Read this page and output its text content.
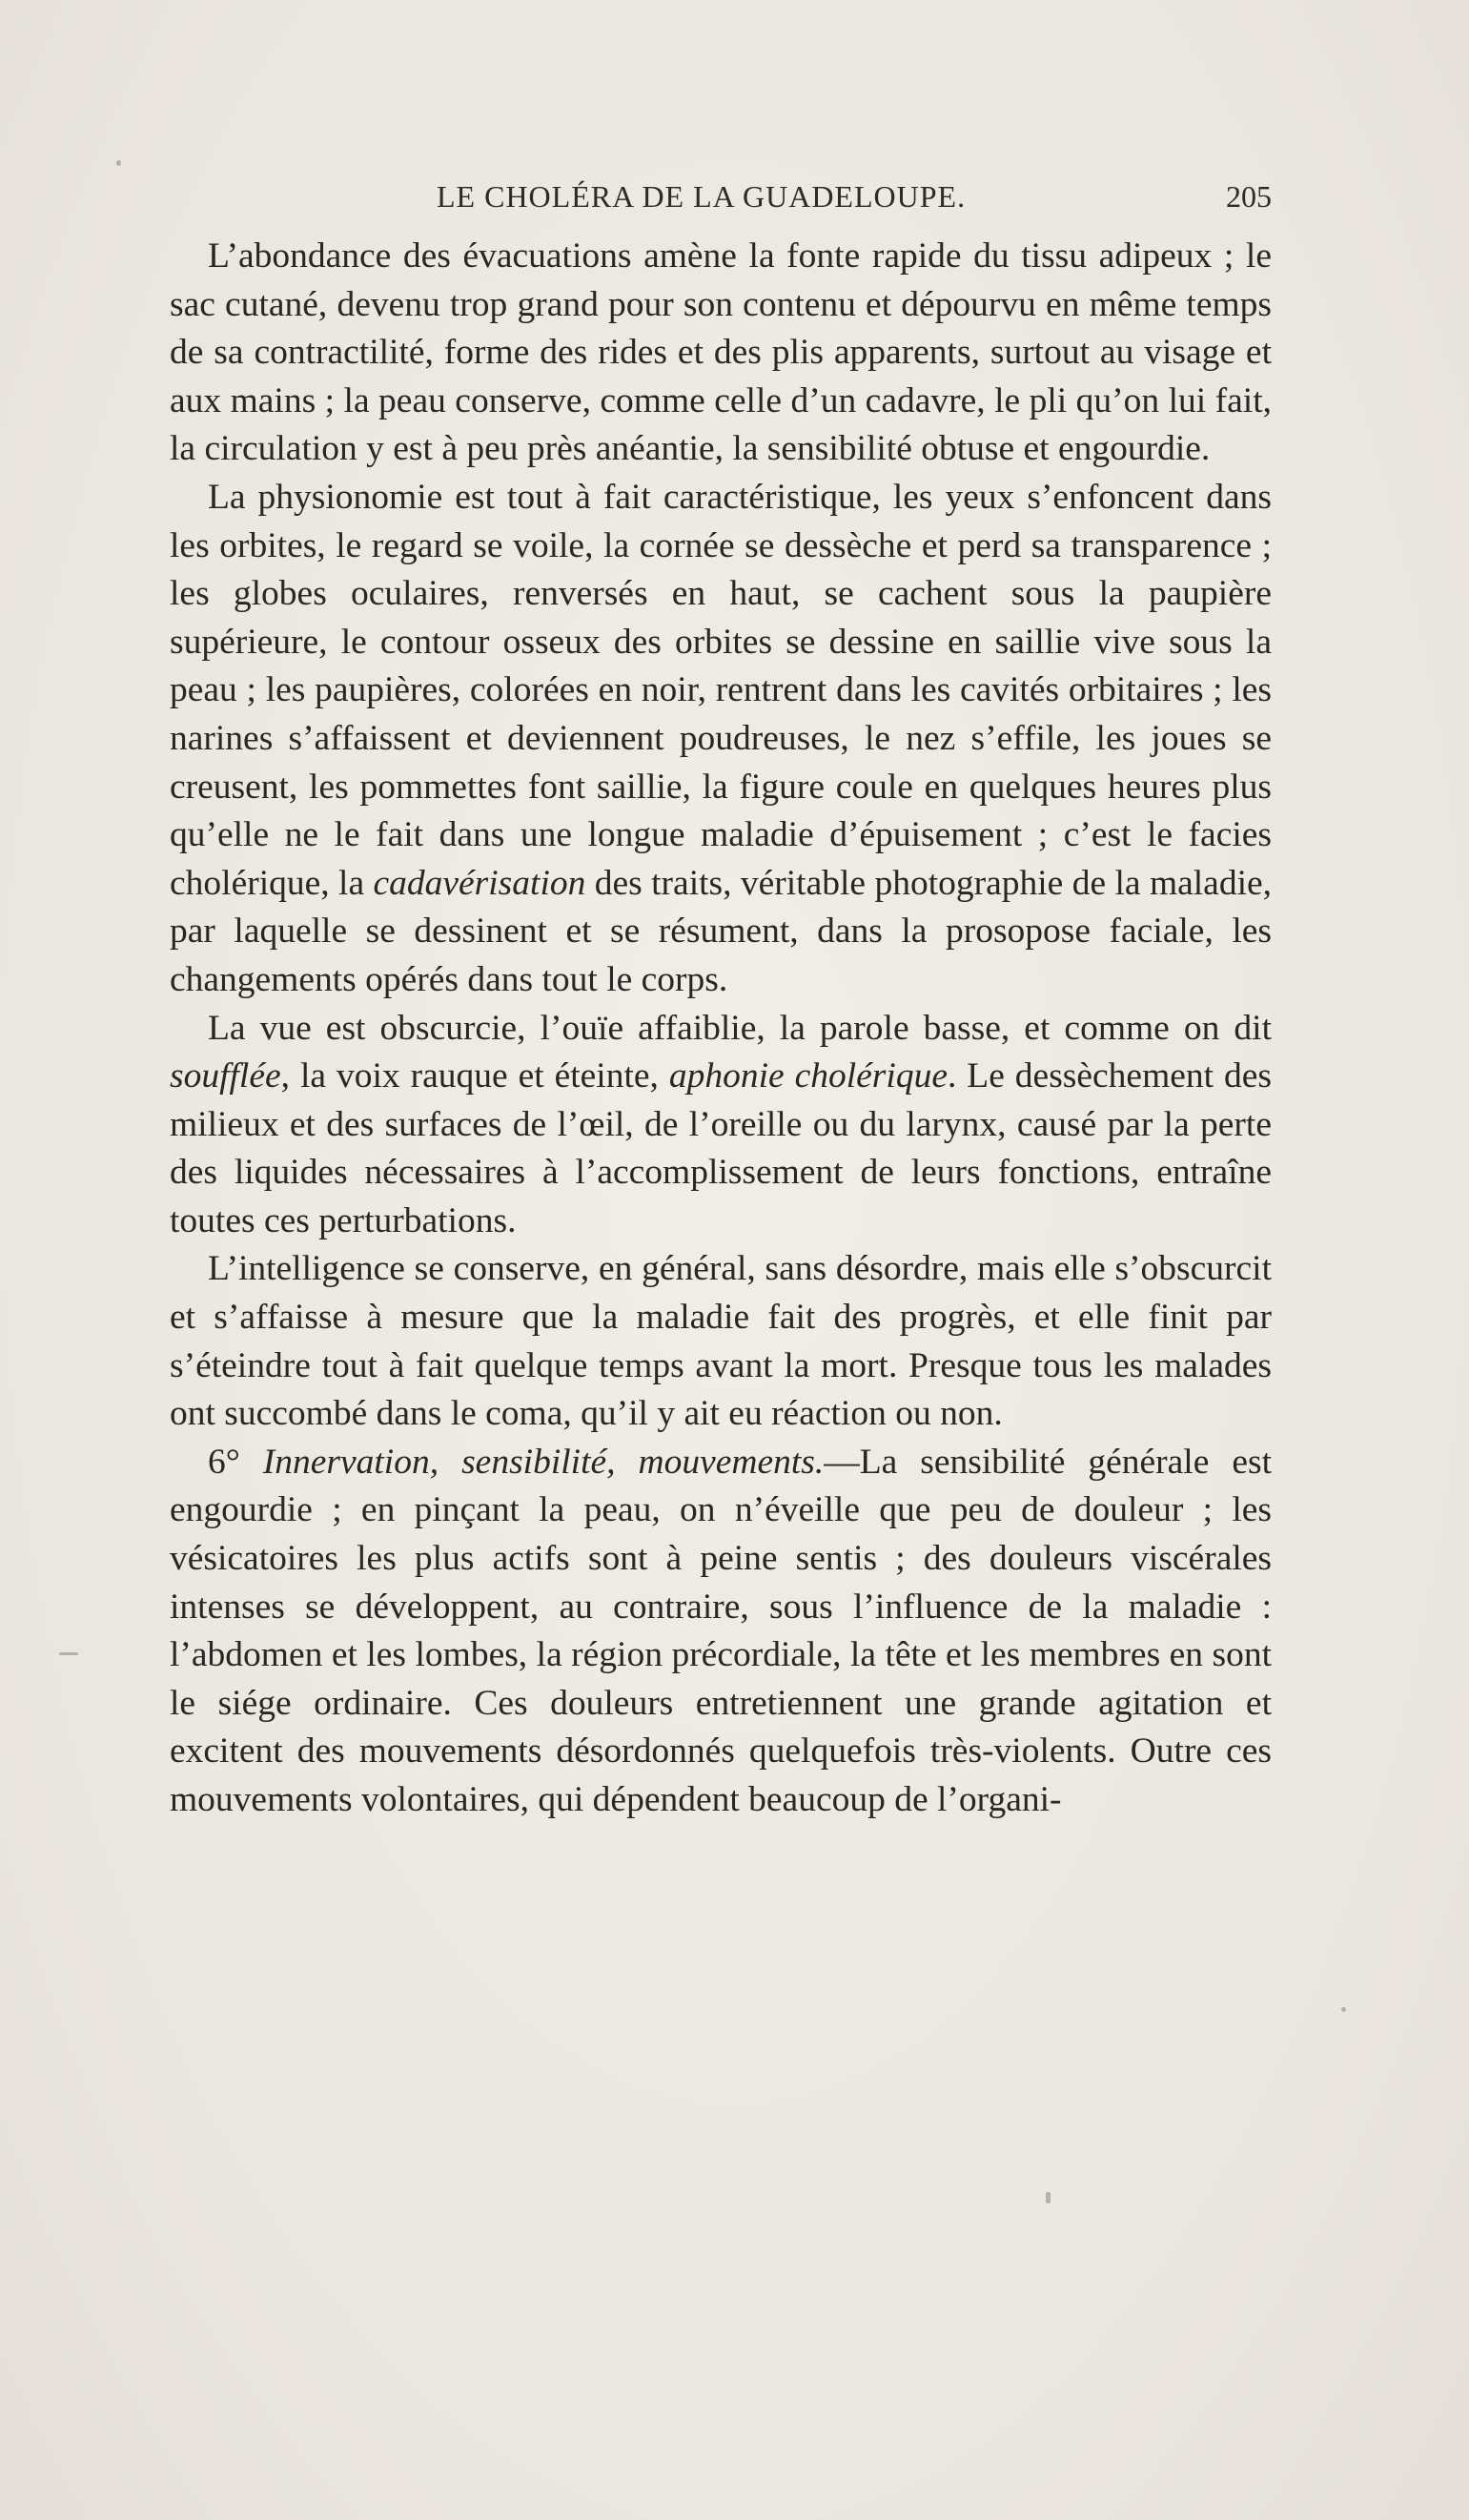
LE CHOLÉRA DE LA GUADELOUPE.	205

L’abondance des évacuations amène la fonte rapide du tissu adipeux ; le sac cutané, devenu trop grand pour son contenu et dépourvu en même temps de sa contractilité, forme des rides et des plis apparents, surtout au visage et aux mains ; la peau conserve, comme celle d’un cadavre, le pli qu’on lui fait, la circulation y est à peu près anéantie, la sensibilité obtuse et engourdie.

La physionomie est tout à fait caractéristique, les yeux s’enfoncent dans les orbites, le regard se voile, la cornée se dessèche et perd sa transparence ; les globes oculaires, renversés en haut, se cachent sous la paupière supérieure, le contour osseux des orbites se dessine en saillie vive sous la peau ; les paupières, colorées en noir, rentrent dans les cavités orbitaires ; les narines s’affaissent et deviennent poudreuses, le nez s’effile, les joues se creusent, les pommettes font saillie, la figure coule en quelques heures plus qu’elle ne le fait dans une longue maladie d’épuisement ; c’est le facies cholérique, la cadavérisation des traits, véritable photographie de la maladie, par laquelle se dessinent et se résument, dans la prosopose faciale, les changements opérés dans tout le corps.

La vue est obscurcie, l’ouïe affaiblie, la parole basse, et comme on dit soufflée, la voix rauque et éteinte, aphonie cholérique. Le dessèchement des milieux et des surfaces de l’œil, de l’oreille ou du larynx, causé par la perte des liquides nécessaires à l’accomplissement de leurs fonctions, entraîne toutes ces perturbations.

L’intelligence se conserve, en général, sans désordre, mais elle s’obscurcit et s’affaisse à mesure que la maladie fait des progrès, et elle finit par s’éteindre tout à fait quelque temps avant la mort. Presque tous les malades ont succombé dans le coma, qu’il y ait eu réaction ou non.

6° Innervation, sensibilité, mouvements.—La sensibilité générale est engourdie ; en pinçant la peau, on n’éveille que peu de douleur ; les vésicatoires les plus actifs sont à peine sentis ; des douleurs viscérales intenses se développent, au contraire, sous l’influence de la maladie : l’abdomen et les lombes, la région précordiale, la tête et les membres en sont le siége ordinaire. Ces douleurs entretiennent une grande agitation et excitent des mouvements désordonnés quelquefois très-violents. Outre ces mouvements volontaires, qui dépendent beaucoup de l’organi-
